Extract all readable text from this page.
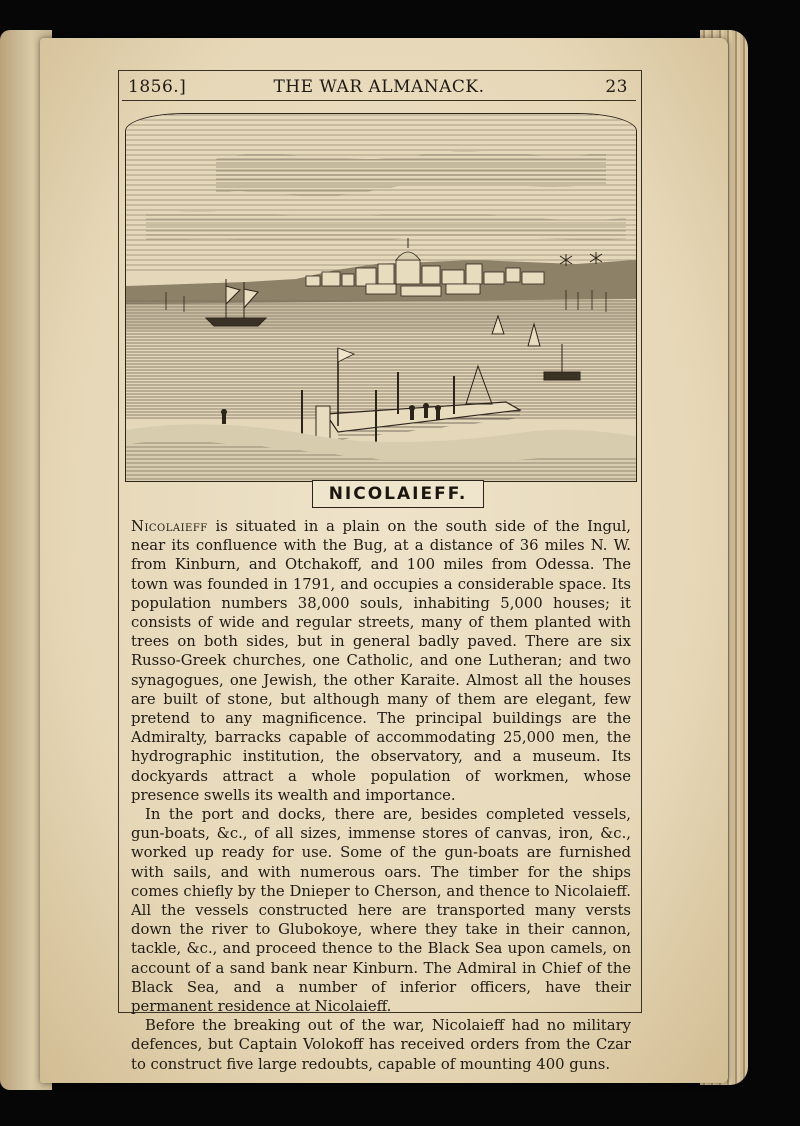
THE WAR ALMANACK.
1856.]	23
NICOLAIEFF.

Nicolaieff is situated in a plain on the south side of the Ingul, near its confluence with the Bug, at a distance of 36 miles N. W. from Kinburn, and Otchakoff, and 100 miles from Odessa. The town was founded in 1791, and occupies a considerable space. Its population numbers 38,000 souls, inhabiting 5,000 houses; it consists of wide and regular streets, many of them planted with trees on both sides, but in general badly paved. There are six Russo-Greek churches, one Catholic, and one Lutheran; and two synagogues, one Jewish, the other Karaite. Almost all the houses are built of stone, but although many of them are elegant, few pretend to any magnificence. The principal buildings are the Admiralty, barracks capable of accommodating 25,000 men, the hydrographic institution, the observatory, and a museum. Its dockyards attract a whole population of workmen, whose presence swells its wealth and importance.

In the port and docks, there are, besides completed vessels, gun-boats, &c., of all sizes, immense stores of canvas, iron, &c., worked up ready for use. Some of the gun-boats are furnished with sails, and with numerous oars. The timber for the ships comes chiefly by the Dnieper to Cherson, and thence to Nicolaieff. All the vessels constructed here are transported many versts down the river to Glubokoye, where they take in their cannon, tackle, &c., and proceed thence to the Black Sea upon camels, on account of a sand bank near Kinburn. The Admiral in Chief of the Black Sea, and a number of inferior officers, have their permanent residence at Nicolaieff.

Before the breaking out of the war, Nicolaieff had no military defences, but Captain Volokoff has received orders from the Czar to construct five large redoubts, capable of mounting 400 guns.
